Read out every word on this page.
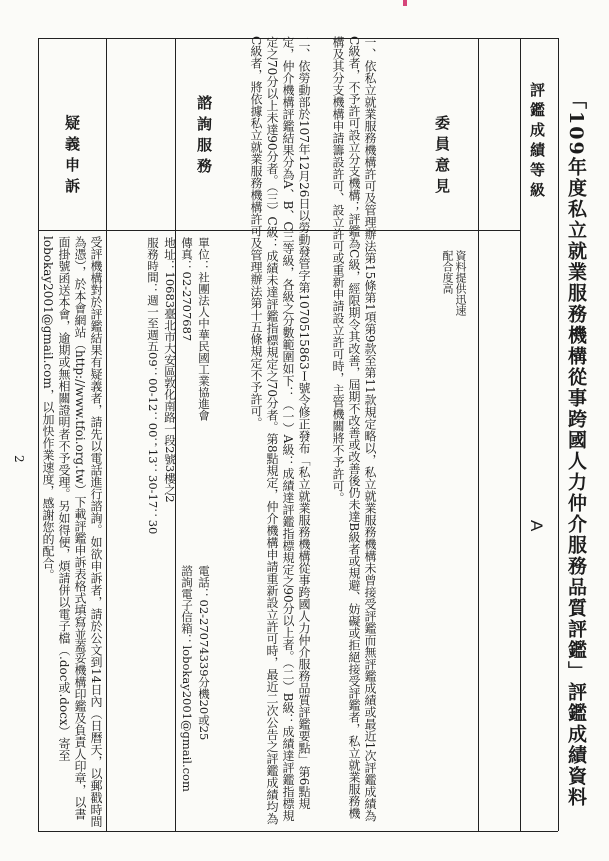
「109年度私立就業服務機構從事跨國人力仲介服務品質評鑑」評鑑成績資料
評鑑成績等級
A
委員意見
資料提供迅速
配合度高
一、依私立就業服務機構許可及管理辦法第15條第1項第9款至第11款規定略以，私立就業服務機構未曾接受評鑑而無評鑑成績或最近1次評鑑成績為C級者，不予許可設立分支機構；評鑑為C級，經限期令其改善，屆期不改善或改善後仍未達B級者或規避、妨礙或拒絕接受評鑑者，私立就業服務機構及其分支機構申請籌設許可、設立許可或重新申請設立許可時，主管機關將不予許可。
二、依勞動部於107年12月26日以勞動發管字第1070515863Ｉ號令修正發布「私立就業服務機構從事跨國人力仲介服務品質評鑑要點」第6點規定，仲介機構評鑑結果分為A、B、C三等級，各級之分數範圍如下：（一）A級：成績達評鑑指標規定之90分以上者。（二）B級：成績達評鑑指標規定之70分以上未達90分者。（三）C級：成績未達評鑑指標規定之70分者。第8點規定，仲介機構申請重新設立許可時，最近二次公告之評鑑成績均為C級者，將依據私立就業服務機構許可及管理辦法第十五條規定不予許可。
諮詢服務
單位：社團法人中華民國工業協進會
電話：02-27074339分機20或25
傳真：02-2707687
諮詢電子信箱：lobokay2001@gmail.com
地址：10683臺北市大安區敦化南路一段2號3樓之2
服務時間：週一至週五09：00-12：00；13：30-17：30
疑義申訴
受評機構對於評鑑結果有疑義者，請先以電話進行諮詢。如欲申訴者，請於公文到14日內（日曆天，以郵戳時間為憑），於本會網站（http://www.tfoi.org.tw）下載評鑑申訴表格式填寫並蓋妥機構印鑑及負責人印章，以書面掛號函送本會，逾期或無相關證明者不予受理。另如得便，煩請併以電子檔（.doc或.docx）寄至lobokay2001@gmail.com，以加快作業速度，感謝您的配合。
2
